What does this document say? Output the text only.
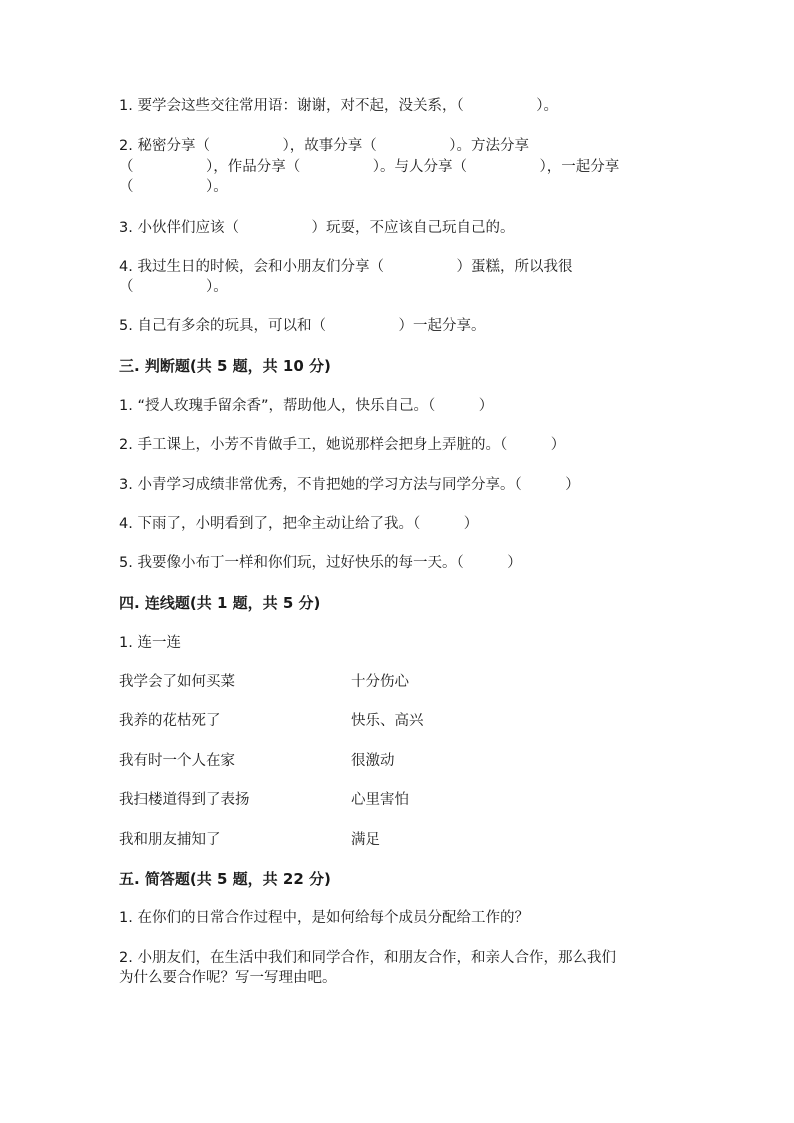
1. 要学会这些交往常用语：谢谢，对不起，没关系，（　　　　　）。
2. 秘密分享（　　　　　），故事分享（　　　　　）。方法分享
（　　　　　），作品分享（　　　　　）。与人分享（　　　　　），一起分享
（　　　　　）。
3. 小伙伴们应该（　　　　　）玩耍，不应该自己玩自己的。
4. 我过生日的时候，会和小朋友们分享（　　　　　）蛋糕，所以我很
（　　　　　）。
5. 自己有多余的玩具，可以和（　　　　　）一起分享。
三. 判断题(共 5 题，共 10 分)
1. “授人玫瑰手留余香”，帮助他人，快乐自己。（　　　）
2. 手工课上，小芳不肯做手工，她说那样会把身上弄脏的。（　　　）
3. 小青学习成绩非常优秀，不肯把她的学习方法与同学分享。（　　　）
4. 下雨了，小明看到了，把伞主动让给了我。（　　　）
5. 我要像小布丁一样和你们玩，过好快乐的每一天。（　　　）
四. 连线题(共 1 题，共 5 分)
1. 连一连
我学会了如何买菜	十分伤心
我养的花枯死了	快乐、高兴
我有时一个人在家	很激动
我扫楼道得到了表扬	心里害怕
我和朋友捕知了	满足
五. 简答题(共 5 题，共 22 分)
1. 在你们的日常合作过程中，是如何给每个成员分配给工作的？
2. 小朋友们，在生活中我们和同学合作，和朋友合作，和亲人合作，那么我们
为什么要合作呢？写一写理由吧。
